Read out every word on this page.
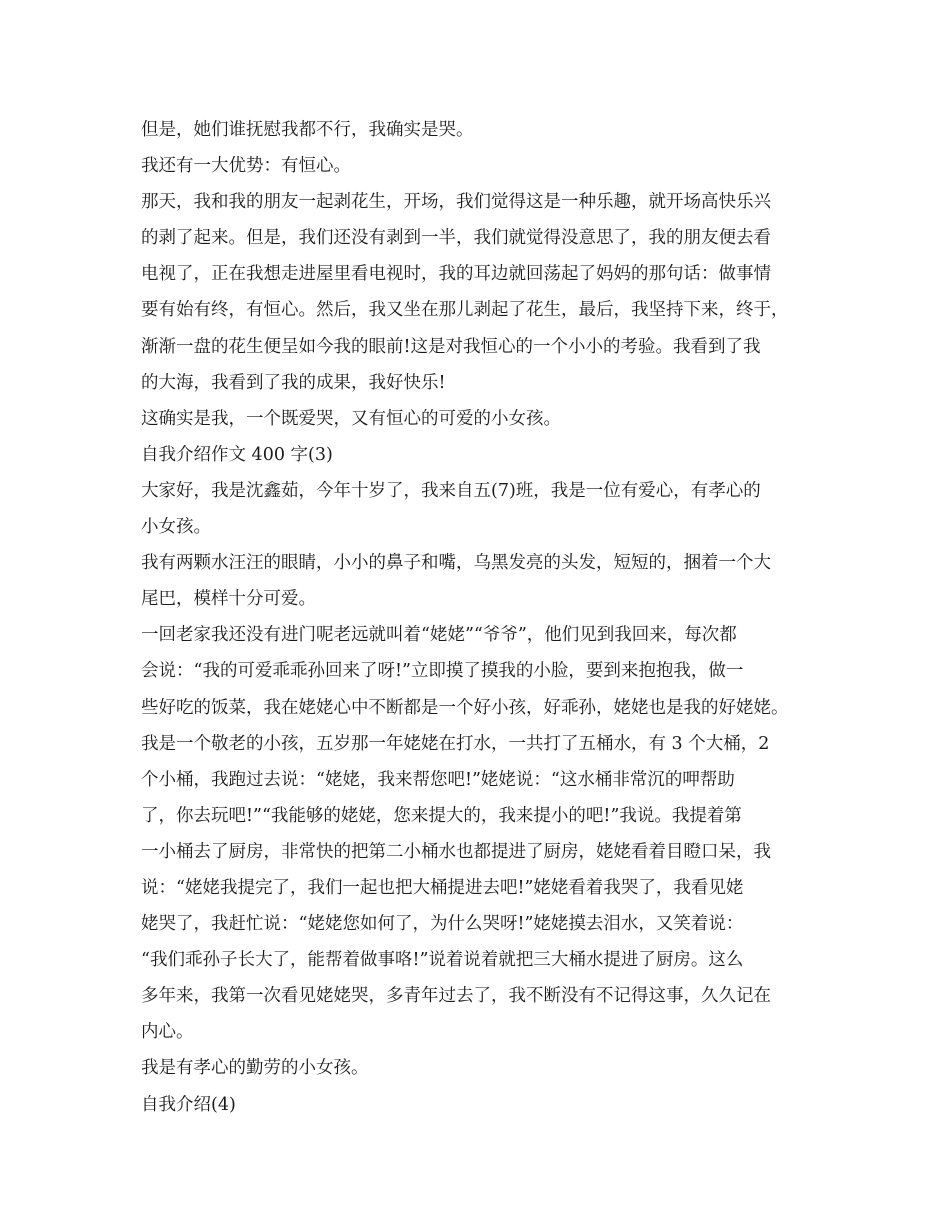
但是，她们谁抚慰我都不行，我确实是哭。
我还有一大优势：有恒心。
那天，我和我的朋友一起剥花生，开场，我们觉得这是一种乐趣，就开场高快乐兴
的剥了起来。但是，我们还没有剥到一半，我们就觉得没意思了，我的朋友便去看
电视了，正在我想走进屋里看电视时，我的耳边就回荡起了妈妈的那句话：做事情
要有始有终，有恒心。然后，我又坐在那儿剥起了花生，最后，我坚持下来，终于，
渐渐一盘的花生便呈如今我的眼前!这是对我恒心的一个小小的考验。我看到了我
的大海，我看到了我的成果，我好快乐!
这确实是我，一个既爱哭，又有恒心的可爱的小女孩。
自我介绍作文 400 字(3)
大家好，我是沈鑫茹，今年十岁了，我来自五(7)班，我是一位有爱心，有孝心的
小女孩。
我有两颗水汪汪的眼睛，小小的鼻子和嘴，乌黑发亮的头发，短短的，捆着一个大
尾巴，模样十分可爱。
一回老家我还没有进门呢老远就叫着“姥姥”“爷爷”，他们见到我回来，每次都
会说：“我的可爱乖乖孙回来了呀!”立即摸了摸我的小脸，要到来抱抱我，做一
些好吃的饭菜，我在姥姥心中不断都是一个好小孩，好乖孙，姥姥也是我的好姥姥。
我是一个敬老的小孩，五岁那一年姥姥在打水，一共打了五桶水，有 3 个大桶，2
个小桶，我跑过去说：“姥姥，我来帮您吧!”姥姥说：“这水桶非常沉的呷帮助
了，你去玩吧!”“我能够的姥姥，您来提大的，我来提小的吧!”我说。我提着第
一小桶去了厨房，非常快的把第二小桶水也都提进了厨房，姥姥看着目瞪口呆，我
说：“姥姥我提完了，我们一起也把大桶提进去吧!”姥姥看着我哭了，我看见姥
姥哭了，我赶忙说：“姥姥您如何了，为什么哭呀!”姥姥摸去泪水，又笑着说：
“我们乖孙子长大了，能帮着做事咯!”说着说着就把三大桶水提进了厨房。这么
多年来，我第一次看见姥姥哭，多青年过去了，我不断没有不记得这事，久久记在
内心。
我是有孝心的勤劳的小女孩。
自我介绍(4)
